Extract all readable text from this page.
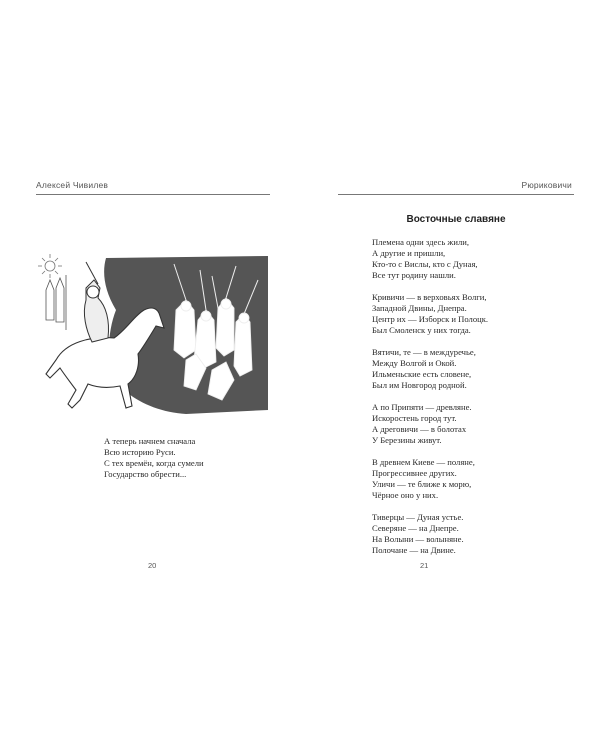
Алексей Чивилев
А теперь начнем сначала
Всю историю Руси.
С тех времён, когда сумели
Государство обрести...
20
Рюриковичи
Восточные славяне
Племена одни здесь жили,
А другие и пришли,
Кто-то с Вислы, кто с Дуная,
Все тут родину нашли.
Кривичи — в верховьях Волги,
Западной Двины, Днепра.
Центр их — Изборск и Полоцк.
Был Смоленск у них тогда.
Вятичи, те — в междуречье,
Между Волгой и Окой.
Ильменьские есть словене,
Был им Новгород родной.
А по Припяти — древляне.
Искоростень город тут.
А дреговичи — в болотах
У Березины живут.
В древнем Киеве — поляне,
Прогрессивнее других.
Уличи — те ближе к морю,
Чёрное оно у них.
Тиверцы — Дуная устье.
Северяне — на Днепре.
На Волыни — волыняне.
Полочане — на Двине.
21
